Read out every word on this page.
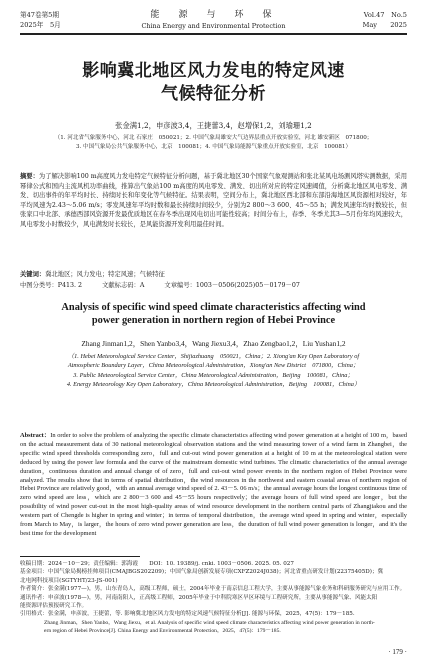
第47卷第5期
2025年　5月
能　源　与　环　保
China Energy and Environmental Protection
Vol.47　No.5
May　　2025
影响冀北地区风力发电的特定风速
气候特征分析
张金满1,2，申彦波3,4，王捷蕾3,4，赵增保1,2，刘瑜珊1,2
（1. 河北省气象服务中心，河北 石家庄　050021；2. 中国气象局雄安大气边界层重点开放实验室，河北 雄安新区　071800；
3. 中国气象局公共气象服务中心，北京　100081；4. 中国气象局能源气象重点开放实验室，北京　100081）
摘要：为了解决影响100 m高度风力发电特定气候特征分析问题，基于冀北地区30个国家气象观测站和张北某风电场测风塔实测数据，采用幂律公式和国内主流风机功率曲线，推算出气象站100 m高度的风电零发、满发、切出所对应的特定风速阈值，分析冀北地区风电零发、满发、切出事件的年平均时长、持续时长和年变化等气候特征。结果表明，空间分布上，冀北地区西北部和东部沿海地区风资源相对较好，年平均风速为2.43～5.06 m/s；零发风速年平均时数和最长持续时间较少，分别为2 800～3 600、45～55 h；满发风速年均时数较长，但张家口中北部、承德西部风资源开发最优质地区在春冬季出现风电切出可能性较高；时间分布上，春季、冬季尤其3—5月份年均风速较大，风电零发小时数较少，风电满发时长较长，是风能资源开发利用最佳时间。
关键词：冀北地区；风力发电；特定风速；气候特征
中图分类号：P413. 2	文献标志码：A	文章编号：1003－0506(2025)05－0179－07
Analysis of specific wind speed climate characteristics affecting wind
power generation in northern region of Hebei Province
Zhang Jinman1,2，Shen Yanbo3,4，Wang Jiexu3,4，Zhao Zengbao1,2，Liu Yushan1,2
（1. Hebei Meteorological Service Center，Shijiazhuang　050021，China；2. Xiong'an Key Open Laboratory of
Atmospheric Boundary Layer，China Meteorological Administration，Xiong'an New District　071800，China；
3. Public Meteorological Service Center，China Meteorological Administration，Beijing　100081，China；
4. Energy Meteorology Key Open Laboratory，China Meteorological Administration，Beijing　100081，China）
Abstract：In order to solve the problem of analyzing the specific climate characteristics affecting wind power generation at a height of 100 m，based on the actual measurement data of 30 national meteorological observation stations and the wind measuring tower of a wind farm in Zhangbei，the specific wind speed thresholds corresponding zero，full and cut-out wind power generation at a height of 10 m at the meteorological station were deduced by using the power law formula and the curve of the mainstream domestic wind turbines. The climatic characteristics of the annual average duration，continuous duration and annual change of of zero，full and cut-out wind power events in the northern region of Hebei Province were analyzed. The results show that in terms of spatial distribution，the wind resources in the northwest and eastern coastal areas of northern region of Hebei Province are relatively good，with an annual average wind speed of 2. 43－5. 06 m/s；the annual average hours the longest continuous time of zero wind speed are less，which are 2 800－3 600 and 45－55 hours respectively；the average hours of full wind speed are longer，but the possibility of wind power cut-out in the most high-quality areas of wind resource development in the northern central parts of Zhangjiakou and the western part of Chengde is higher in spring and winter；in terms of temporal distribution，the average wind speed in spring and winter，especially from March to May，is larger，the hours of zero wind power generation are less，the duration of full wind power generation is longer，and it's the best time for the development

收稿日期：2024－10－29；责任编辑：郭海霞　　DOI：10. 19389/j. cnki. 1003－0506. 2025. 05. 027

基金项目：中国气象局揭榜挂帅项目(CMAJBGS202209)；中国气象局创新发展专项(CXFZ2024J038)；河北省重点研发计划(22375405D)；冀

北电网科技项目(SGTYHT/23-JS-001)

作者简介：张金满(1977—)，男，山东青岛人，高级工程师，硕士，2004年毕业于南京信息工程大学，主要从事能源气象业务和科研服务研究与应用工作。

通讯作者：申彦波(1978—)，男，河南南阳人，正高级工程师，2005年毕业于中科院寒区旱区环境与工程研究所，主要从事能源气象、风能太阳

能资源评估预报研究工作。

引用格式：张金满，申彦波，王捷蕾，等. 影响冀北地区风力发电的特定风速气候特征分析[J]. 能源与环保，2025，47(5)：179－185.

Zhang Jinman，Shen Yanbo，Wang Jiexu，et al. Analysis of specific wind speed climate characteristics affecting wind power generation in north-

ern region of Hebei Province[J]. China Energy and Environmental Protection，2025，47(5)：179－185.

· 179 ·
